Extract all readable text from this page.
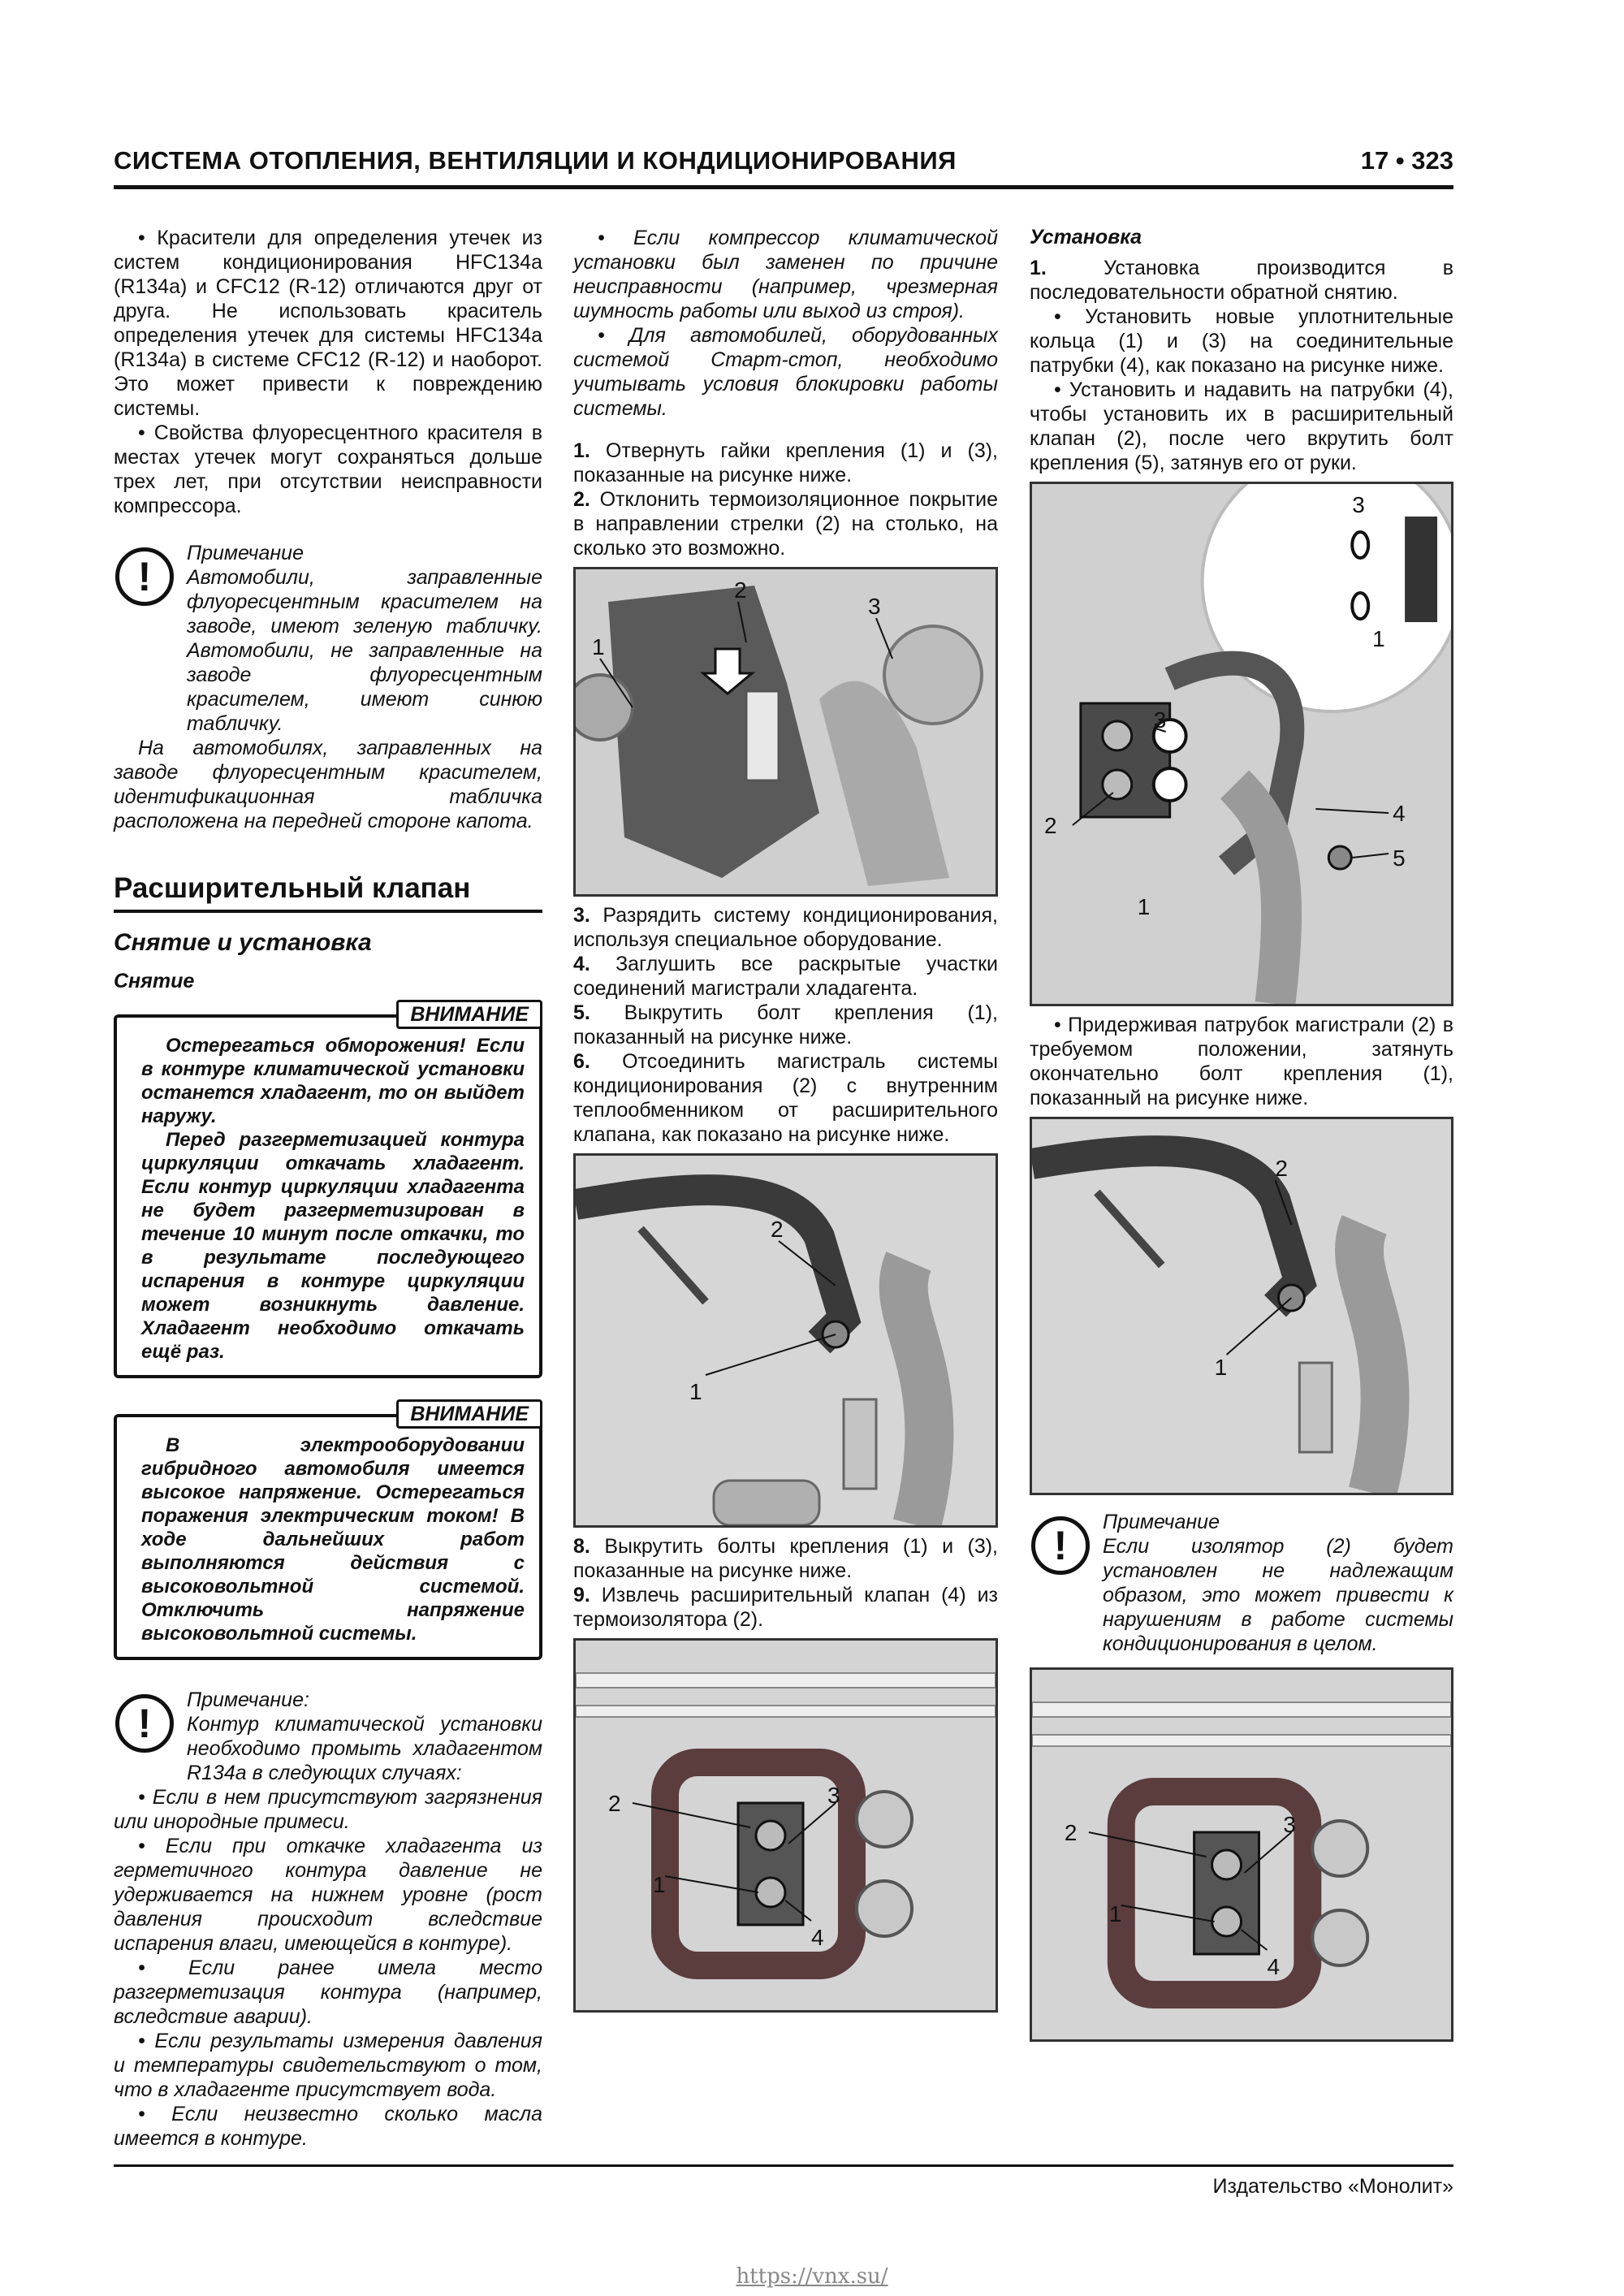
СИСТЕМА ОТОПЛЕНИЯ, ВЕНТИЛЯЦИИ И КОНДИЦИОНИРОВАНИЯ	17 • 323

• Красители для определения утечек из систем кондиционирования HFC134a (R134a) и CFC12 (R-12) отличаются друг от друга. Не использовать краситель определения утечек для системы HFC134a (R134a) в системе CFC12 (R-12) и наоборот. Это может привести к повреждению системы.

• Свойства флуоресцентного красителя в местах утечек могут сохраняться дольше трех лет, при отсутствии неисправности компрессора.

!
Примечание

Автомобили, заправленные флуоресцентным красителем на заводе, имеют зеленую табличку. Автомобили, не заправленные на заводе флуоресцентным красителем, имеют синюю табличку.

На автомобилях, заправленных на заводе флуоресцентным красителем, идентификационная табличка расположена на передней стороне капота.

Расширительный клапан
Снятие и установка
Снятие
ВНИМАНИЕ

Остерегаться обморожения! Если в контуре климатической установки останется хладагент, то он выйдет наружу.

Перед разгерметизацией контура циркуляции откачать хладагент. Если контур циркуляции хладагента не будет разгерметизирован в течение 10 минут после откачки, то в результате последующего испарения в контуре циркуляции может возникнуть давление. Хладагент необходимо откачать ещё раз.

ВНИМАНИЕ

В электрооборудовании гибридного автомобиля имеется высокое напряжение. Остерегаться поражения электрическим током! В ходе дальнейших работ выполняются действия с высоковольтной системой. Отключить напряжение высоковольтной системы.

!
Примечание:

Контур климатической установки необходимо промыть хладагентом R134a в следующих случаях:

• Если в нем присутствуют загрязнения или инородные примеси.

• Если при откачке хладагента из герметичного контура давление не удерживается на нижнем уровне (рост давления происходит вследствие испарения влаги, имеющейся в контуре).

• Если ранее имела место разгерметизация контура (например, вследствие аварии).

• Если результаты измерения давления и температуры свидетельствуют о том, что в хладагенте присутствует вода.

• Если неизвестно сколько масла имеется в контуре.

• Если компрессор климатической установки был заменен по причине неисправности (например, чрезмерная шумность работы или выход из строя).

• Для автомобилей, оборудованных системой Старт-стоп, необходимо учитывать условия блокировки работы системы.

1. Отвернуть гайки крепления (1) и (3), показанные на рисунке ниже.

2. Отклонить термоизоляционное покрытие в направлении стрелки (2) на столько, на сколько это возможно.

1
2
3

3. Разрядить систему кондиционирования, используя специальное оборудование.

4. Заглушить все раскрытые участки соединений магистрали хладагента.

5. Выкрутить болт крепления (1), показанный на рисунке ниже.

6. Отсоединить магистраль системы кондиционирования (2) с внутренним теплообменником от расширительного клапана, как показано на рисунке ниже.

2
1

8. Выкрутить болты крепления (1) и (3), показанные на рисунке ниже.

9. Извлечь расширительный клапан (4) из термоизолятора (2).

2	3
1
4
Установка

1.	Установка производится в последовательности обратной снятию.

• Установить новые уплотнительные кольца (1) и (3) на соединительные патрубки (4), как показано на рисунке ниже.

• Установить и надавить на патрубки (4), чтобы установить их в расширительный клапан (2), после чего вкрутить болт крепления (5), затянув его от руки.

3
1
3
2
1
4
5

• Придерживая патрубок магистрали (2) в требуемом положении, затянуть окончательно болт крепления (1), показанный на рисунке ниже.

2
1
!
Примечание

Если изолятор (2) будет установлен не надлежащим образом, это может привести к нарушениям в работе системы кондиционирования в целом.

2	3
1
4
Издательство «Монолит»
https://vnx.su/
